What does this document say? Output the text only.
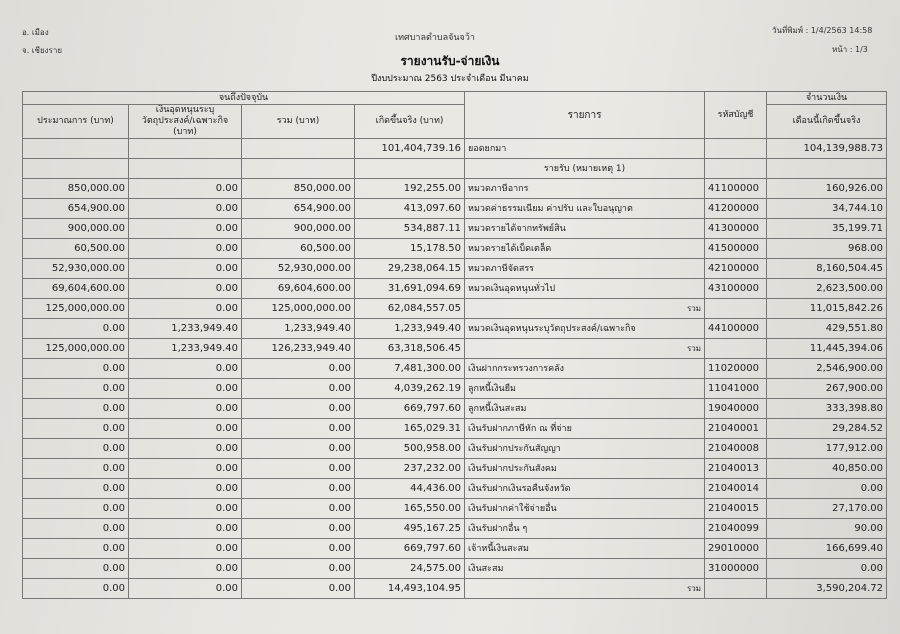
อ. เมือง
จ. เชียงราย
เทศบาลตำบลจันจว้า
วันที่พิมพ์ : 1/4/2563 14:58
หน้า : 1/3
รายงานรับ-จ่ายเงิน
ปีงบประมาณ 2563 ประจำเดือน มีนาคม
จนถึงปัจจุบัน				รายการ	รหัสบัญชี	จำนวนเงิน
ประมาณการ (บาท)	เงินอุดหนุนระบุวัตถุประสงค์/เฉพาะกิจ (บาท)	รวม (บาท)	เกิดขึ้นจริง (บาท)			เดือนนี้เกิดขึ้นจริง
			101,404,739.16	ยอดยกมา		104,139,988.73
				รายรับ (หมายเหตุ 1)		
850,000.00	0.00	850,000.00	192,255.00	หมวดภาษีอากร	41100000	160,926.00
654,900.00	0.00	654,900.00	413,097.60	หมวดค่าธรรมเนียม ค่าปรับ และใบอนุญาต	41200000	34,744.10
900,000.00	0.00	900,000.00	534,887.11	หมวดรายได้จากทรัพย์สิน	41300000	35,199.71
60,500.00	0.00	60,500.00	15,178.50	หมวดรายได้เบ็ดเตล็ด	41500000	968.00
52,930,000.00	0.00	52,930,000.00	29,238,064.15	หมวดภาษีจัดสรร	42100000	8,160,504.45
69,604,600.00	0.00	69,604,600.00	31,691,094.69	หมวดเงินอุดหนุนทั่วไป	43100000	2,623,500.00
125,000,000.00	0.00	125,000,000.00	62,084,557.05	รวม		11,015,842.26
0.00	1,233,949.40	1,233,949.40	1,233,949.40	หมวดเงินอุดหนุนระบุวัตถุประสงค์/เฉพาะกิจ	44100000	429,551.80
125,000,000.00	1,233,949.40	126,233,949.40	63,318,506.45	รวม		11,445,394.06
0.00	0.00	0.00	7,481,300.00	เงินฝากกระทรวงการคลัง	11020000	2,546,900.00
0.00	0.00	0.00	4,039,262.19	ลูกหนี้เงินยืม	11041000	267,900.00
0.00	0.00	0.00	669,797.60	ลูกหนี้เงินสะสม	19040000	333,398.80
0.00	0.00	0.00	165,029.31	เงินรับฝากภาษีหัก ณ ที่จ่าย	21040001	29,284.52
0.00	0.00	0.00	500,958.00	เงินรับฝากประกันสัญญา	21040008	177,912.00
0.00	0.00	0.00	237,232.00	เงินรับฝากประกันสังคม	21040013	40,850.00
0.00	0.00	0.00	44,436.00	เงินรับฝากเงินรอคืนจังหวัด	21040014	0.00
0.00	0.00	0.00	165,550.00	เงินรับฝากค่าใช้จ่ายอื่น	21040015	27,170.00
0.00	0.00	0.00	495,167.25	เงินรับฝากอื่น ๆ	21040099	90.00
0.00	0.00	0.00	669,797.60	เจ้าหนี้เงินสะสม	29010000	166,699.40
0.00	0.00	0.00	24,575.00	เงินสะสม	31000000	0.00
0.00	0.00	0.00	14,493,104.95	รวม		3,590,204.72
